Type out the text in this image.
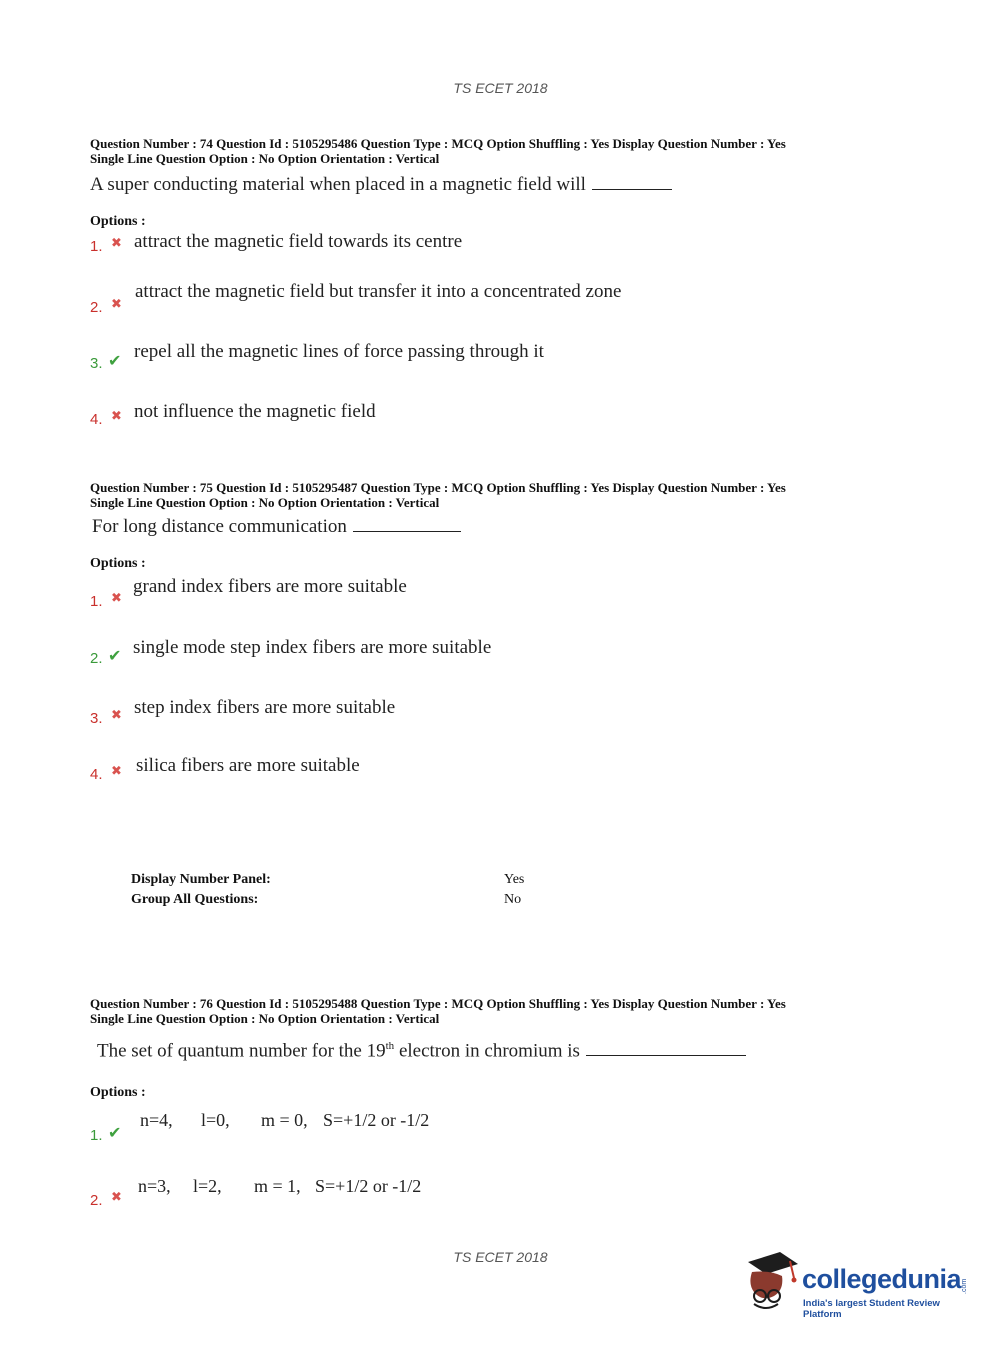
TS ECET 2018
Question Number : 74 Question Id : 5105295486 Question Type : MCQ Option Shuffling : Yes Display Question Number : Yes
Single Line Question Option : No Option Orientation : Vertical
A super conducting material when placed in a magnetic field will
Options :
1. ✖ attract the magnetic field towards its centre
2. ✖
attract the magnetic field but transfer it into a concentrated zone
3. ✔ repel all the magnetic lines of force passing through it
4. ✖ not influence the magnetic field
Question Number : 75 Question Id : 5105295487 Question Type : MCQ Option Shuffling : Yes Display Question Number : Yes
Single Line Question Option : No Option Orientation : Vertical
For long distance communication
Options :
1. ✖
grand index fibers are more suitable
2. ✔ single mode step index fibers are more suitable
3. ✖ step index fibers are more suitable
4. ✖ silica fibers are more suitable
Display Number Panel:	Yes
Group All Questions:	No
Question Number : 76 Question Id : 5105295488 Question Type : MCQ Option Shuffling : Yes Display Question Number : Yes
Single Line Question Option : No Option Orientation : Vertical
The set of quantum number for the 19th electron in chromium is
Options :
1. ✔
n=4, l=0, m = 0, S=+1/2 or -1/2
2. ✖
n=3, l=2, m = 1, S=+1/2 or -1/2
TS ECET 2018
collegedunia .com
India's largest Student Review Platform
